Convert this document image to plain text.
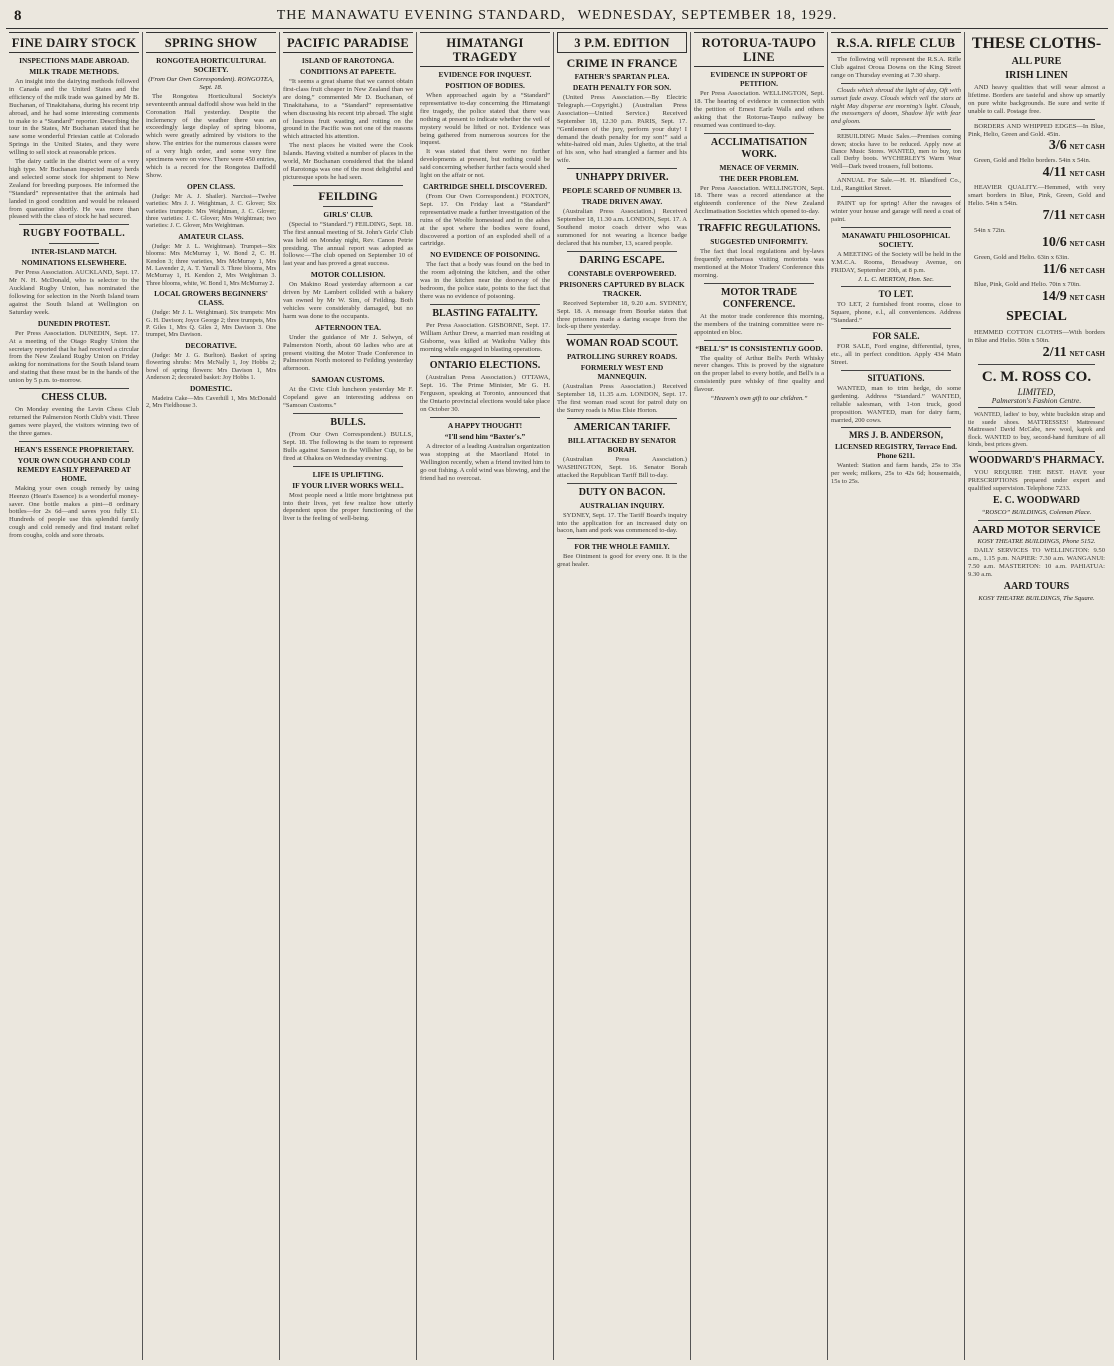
8	THE MANAWATU EVENING STANDARD, WEDNESDAY, SEPTEMBER 18, 1929.
FINE DAIRY STOCK
INSPECTIONS MADE ABROAD.
MILK TRADE METHODS.

An insight into the dairying methods followed in Canada and the United States and the efficiency of the milk trade was gained by Mr B. Buchanan, of Tinakitahana, during his recent trip abroad, and he had some interesting comments to make to a “Standard” reporter. Describing the tour in the States, Mr Buchanan stated that he saw some wonderful Friesian cattle at Colorado Springs in the United States, and they were willing to sell stock at reasonable prices.

The dairy cattle in the district were of a very high type. Mr Buchanan inspected many herds and selected some stock for shipment to New Zealand for breeding purposes. He informed the “Standard” representative that the animals had landed in good condition and would be released from quarantine shortly. He was more than pleased with the class of stock he had secured.

RUGBY FOOTBALL.
INTER-ISLAND MATCH.
NOMINATIONS ELSEWHERE.

Per Press Association. AUCKLAND, Sept. 17. Mr N. H. McDonald, who is selector to the Auckland Rugby Union, has nominated the following for selection in the North Island team against the South Island at Wellington on Saturday week.

DUNEDIN PROTEST.

Per Press Association. DUNEDIN, Sept. 17. At a meeting of the Otago Rugby Union the secretary reported that he had received a circular from the New Zealand Rugby Union on Friday asking for nominations for the South Island team and stating that these must be in the hands of the union by 5 p.m. to-morrow.

CHESS CLUB.

On Monday evening the Levin Chess Club returned the Palmerston North Club's visit. Three games were played, the visitors winning two of the three games.

HEAN'S ESSENCE PROPRIETARY.
YOUR OWN COUGH AND COLD REMEDY EASILY PREPARED AT HOME.

Making your own cough remedy by using Heenzo (Hean's Essence) is a wonderful money-saver. One bottle makes a pint—8 ordinary bottles—for 2s 6d—and saves you fully £1. Hundreds of people use this splendid family cough and cold remedy and find instant relief from coughs, colds and sore throats.

SPRING SHOW
RONGOTEA HORTICULTURAL SOCIETY.
(From Our Own Correspondent). RONGOTEA, Sept. 18.

The Rongotea Horticultural Society's seventeenth annual daffodil show was held in the Coronation Hall yesterday. Despite the inclemency of the weather there was an exceedingly large display of spring blooms, which were greatly admired by visitors to the show. The entries for the numerous classes were of a very high order, and some very fine specimens were on view. There were 450 entries, which is a record for the Rongotea Daffodil Show.

OPEN CLASS.

(Judge: Mr A. J. Shailer). Narcissi—Twelve varieties: Mrs J. J. Weightman, J. C. Glover; Six varieties trumpets: Mrs Weightman, J. C. Glover; three varieties: J. C. Glover; Mrs Weightman; two varieties: J. C. Glover, Mrs Weightman.

AMATEUR CLASS.

(Judge: Mr J. L. Weightman). Trumpet—Six blooms: Mrs McMurray 1, W. Bond 2, C. H. Kendon 3; three varieties, Mrs McMurray 1, Mrs M. Lavender 2, A. T. Yarrall 3. Three blooms, Mrs McMurray 1, H. Kendon 2, Mrs Weightman 3. Three blooms, white, W. Bond 1, Mrs McMurray 2.

LOCAL GROWERS BEGINNERS' CLASS.

(Judge: Mr J. L. Weightman). Six trumpets: Mrs G. H. Davison; Joyce George 2; three trumpets, Mrs P. Giles 1, Mrs Q. Giles 2, Mrs Davison 3. One trumpet, Mrs Davison.

DECORATIVE.

(Judge: Mr J. G. Burlton). Basket of spring flowering shrubs: Mrs McNally 1, Joy Hobbs 2; bowl of spring flowers: Mrs Davison 1, Mrs Anderson 2; decorated basket: Joy Hobbs 1.

DOMESTIC.

Madeira Cake—Mrs Caverhill 1, Mrs McDonald 2, Mrs Fieldhouse 3.

PACIFIC PARADISE
ISLAND OF RAROTONGA.
CONDITIONS AT PAPEETE.

“It seems a great shame that we cannot obtain first-class fruit cheaper in New Zealand than we are doing,” commented Mr D. Buchanan, of Tinakitahana, to a “Standard” representative when discussing his recent trip abroad. The sight of luscious fruit wasting and rotting on the ground in the Pacific was not one of the reasons which attracted his attention.

The next places he visited were the Cook Islands. Having visited a number of places in the world, Mr Buchanan considered that the island of Rarotonga was one of the most delightful and picturesque spots he had seen.

FEILDING
GIRLS' CLUB.

(Special to “Standard.”) FEILDING, Sept. 18. The first annual meeting of St. John's Girls' Club was held on Monday night, Rev. Canon Petrie presiding. The annual report was adopted as follows:—The club opened on September 10 of last year and has proved a great success.

MOTOR COLLISION.

On Makino Road yesterday afternoon a car driven by Mr Lambert collided with a bakery van owned by Mr W. Sim, of Feilding. Both vehicles were considerably damaged, but no harm was done to the occupants.

AFTERNOON TEA.

Under the guidance of Mr J. Selwyn, of Palmerston North, about 60 ladies who are at present visiting the Motor Trade Conference in Palmerston North motored to Feilding yesterday afternoon.

SAMOAN CUSTOMS.

At the Civic Club luncheon yesterday Mr F. Copeland gave an interesting address on “Samoan Customs.”

BULLS.

(From Our Own Correspondent.) BULLS, Sept. 18. The following is the team to represent Bulls against Sanson in the Willsher Cup, to be fired at Ohakea on Wednesday evening.

LIFE IS UPLIFTING.
IF YOUR LIVER WORKS WELL.

Most people need a little more brightness put into their lives, yet few realize how utterly dependent upon the proper functioning of the liver is the feeling of well-being.

HIMATANGI TRAGEDY
EVIDENCE FOR INQUEST.
POSITION OF BODIES.

When approached again by a “Standard” representative to-day concerning the Himatangi fire tragedy, the police stated that there was nothing at present to indicate whether the veil of mystery would be lifted or not. Evidence was being gathered from numerous sources for the inquest.

It was stated that there were no further developments at present, but nothing could be said concerning whether further facts would shed light on the affair or not.

CARTRIDGE SHELL DISCOVERED.

(From Our Own Correspondent.) FOXTON, Sept. 17. On Friday last a “Standard” representative made a further investigation of the ruins of the Woolfe homestead and in the ashes at the spot where the bodies were found, discovered a portion of an exploded shell of a cartridge.

NO EVIDENCE OF POISONING.

The fact that a body was found on the bed in the room adjoining the kitchen, and the other was in the kitchen near the doorway of the bedroom, the police state, points to the fact that there was no evidence of poisoning.

BLASTING FATALITY.

Per Press Association. GISBORNE, Sept. 17. William Arthur Drew, a married man residing at Gisborne, was killed at Waikohu Valley this morning while engaged in blasting operations.

ONTARIO ELECTIONS.

(Australian Press Association.) OTTAWA, Sept. 16. The Prime Minister, Mr G. H. Ferguson, speaking at Toronto, announced that the Ontario provincial elections would take place on October 30.

A HAPPY THOUGHT!
“I'll send him “Baxter's.”

A director of a leading Australian organization was stopping at the Maoriland Hotel in Wellington recently, when a friend invited him to go out fishing. A cold wind was blowing, and the friend had no overcoat.

3 P.M. EDITION
CRIME IN FRANCE
FATHER'S SPARTAN PLEA.
DEATH PENALTY FOR SON.

(United Press Association.—By Electric Telegraph.—Copyright.) (Australian Press Association—United Service.) Received September 18, 12.30 p.m. PARIS, Sept. 17. “Gentlemen of the jury, perform your duty! I demand the death penalty for my son!” said a white-haired old man, Jules Ughetto, at the trial of his son, who had strangled a farmer and his wife.

UNHAPPY DRIVER.
PEOPLE SCARED OF NUMBER 13.
TRADE DRIVEN AWAY.

(Australian Press Association.) Received September 18, 11.30 a.m. LONDON, Sept. 17. A Southend motor coach driver who was summoned for not wearing a licence badge declared that his number, 13, scared people.

DARING ESCAPE.
CONSTABLE OVERPOWERED.
PRISONERS CAPTURED BY BLACK TRACKER.

Received September 18, 9.20 a.m. SYDNEY, Sept. 18. A message from Bourke states that three prisoners made a daring escape from the lock-up there yesterday.

WOMAN ROAD SCOUT.
PATROLLING SURREY ROADS.
FORMERLY WEST END MANNEQUIN.

(Australian Press Association.) Received September 18, 11.35 a.m. LONDON, Sept. 17. The first woman road scout for patrol duty on the Surrey roads is Miss Elsie Horton.

AMERICAN TARIFF.
BILL ATTACKED BY SENATOR BORAH.

(Australian Press Association.) WASHINGTON, Sept. 16. Senator Borah attacked the Republican Tariff Bill to-day.

DUTY ON BACON.
AUSTRALIAN INQUIRY.

SYDNEY, Sept. 17. The Tariff Board's inquiry into the application for an increased duty on bacon, ham and pork was commenced to-day.

FOR THE WHOLE FAMILY.

Bee Ointment is good for every one. It is the great healer.

ROTORUA-TAUPO LINE
EVIDENCE IN SUPPORT OF PETITION.

Per Press Association. WELLINGTON, Sept. 18. The hearing of evidence in connection with the petition of Ernest Earle Walls and others asking that the Rotorua-Taupo railway be resumed was continued to-day.

ACCLIMATISATION WORK.
MENACE OF VERMIN.
THE DEER PROBLEM.

Per Press Association. WELLINGTON, Sept. 18. There was a record attendance at the eighteenth conference of the New Zealand Acclimatisation Societies which opened to-day.

TRAFFIC REGULATIONS.
SUGGESTED UNIFORMITY.

The fact that local regulations and by-laws frequently embarrass visiting motorists was mentioned at the Motor Traders' Conference this morning.

MOTOR TRADE CONFERENCE.

At the motor trade conference this morning, the members of the training committee were re-appointed en bloc.

“BELL'S” IS CONSISTENTLY GOOD.

The quality of Arthur Bell's Perth Whisky never changes. This is proved by the signature on the proper label to every bottle, and Bell's is a consistently pure whisky of fine quality and flavour.

“Heaven's own gift to our children.”
R.S.A. RIFLE CLUB

The following will represent the R.S.A. Rifle Club against Oroua Downs on the King Street range on Thursday evening at 7.30 sharp.

Clouds which shroud the light of day, Oft with sunset fade away. Clouds which veil the stars at night May disperse ere morning's light. Clouds, the messengers of doom, Shadow life with fear and gloom.

REBUILDING Music Sales.—Premises coming down; stocks have to be reduced. Apply now at Dance Music Stores. WANTED, men to buy, ton call Derby boots. WYCHERLEY'S Warm Wear Well—Dark tweed trousers, full bottoms.

ANNUAL For Sale.—H. H. Blandford Co., Ltd., Rangitikei Street.

PAINT up for spring! After the ravages of winter your house and garage will need a coat of paint.

MANAWATU PHILOSOPHICAL SOCIETY.

A MEETING of the Society will be held in the Y.M.C.A. Rooms, Broadway Avenue, on FRIDAY, September 20th, at 8 p.m.

J. L. C. MERTON, Hon. Sec.
TO LET.

TO LET, 2 furnished front rooms, close to Square, phone, e.l., all conveniences. Address “Standard.”

FOR SALE.

FOR SALE, Ford engine, differential, tyres, etc., all in perfect condition. Apply 434 Main Street.

SITUATIONS.

WANTED, man to trim hedge, do some gardening. Address “Standard.” WANTED, reliable salesman, with 1-ton truck, good proposition. WANTED, man for dairy farm, married, 200 cows.

MRS J. B. ANDERSON,
LICENSED REGISTRY, Terrace End. Phone 6211.

Wanted: Station and farm hands, 25s to 35s per week; milkers, 25s to 42s 6d; housemaids, 15s to 25s.

THESE CLOTHS-
ALL PURE
IRISH LINEN

AND heavy qualities that will wear almost a lifetime. Borders are tasteful and show up smartly on pure white backgrounds. Be sure and write if unable to call. Postage free.

BORDERS AND WHIPPED EDGES—In Blue, Pink, Helio, Green and Gold. 45in.

3/6 NET CASH

Green, Gold and Helio borders. 54in x 54in.

4/11 NET CASH

HEAVIER QUALITY.—Hemmed, with very smart borders in Blue, Pink, Green, Gold and Helio. 54in x 54in.

7/11 NET CASH

54in x 72in.

10/6 NET CASH

Green, Gold and Helio. 63in x 63in.

11/6 NET CASH

Blue, Pink, Gold and Helio. 70in x 70in.

14/9 NET CASH
SPECIAL

HEMMED COTTON CLOTHS—With borders in Blue and Helio. 50in x 50in.

2/11 NET CASH
C. M. ROSS CO.
LIMITED,
Palmerston's Fashion Centre.

WANTED, ladies' to buy, white buckskin strap and tie suede shoes. MATTRESSES! Mattresses! Mattresses! David McCabe, new wool, kapok and flock. WANTED to buy, second-hand furniture of all kinds, best prices given.

WOODWARD'S PHARMACY.

YOU REQUIRE THE BEST. HAVE your PRESCRIPTIONS prepared under expert and qualified supervision. Telephone 7233.

E. C. WOODWARD
“ROSCO” BUILDINGS, Coleman Place.
AARD MOTOR SERVICE
KOSY THEATRE BUILDINGS, Phone 5152.

DAILY SERVICES TO WELLINGTON: 9.50 a.m., 1.15 p.m. NAPIER: 7.30 a.m. WANGANUI: 7.50 a.m. MASTERTON: 10 a.m. PAHIATUA: 9.30 a.m.

AARD TOURS
KOSY THEATRE BUILDINGS, The Square.
